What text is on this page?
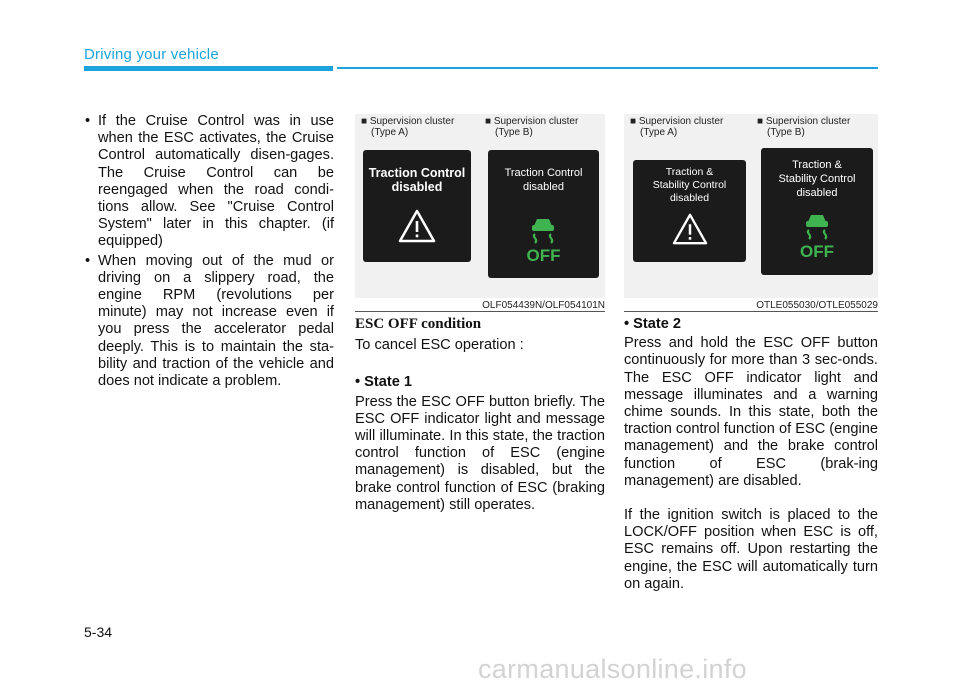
Driving your vehicle
• If the Cruise Control was in use when the ESC activates, the Cruise Control automatically disen-gages. The Cruise Control can be reengaged when the road condi-tions allow. See "Cruise Control System" later in this chapter. (if equipped)

• When moving out of the mud or driving on a slippery road, the engine RPM (revolutions per minute) may not increase even if you press the accelerator pedal deeply. This is to maintain the sta-bility and traction of the vehicle and does not indicate a problem.

■ Supervision cluster
(Type A)
■ Supervision cluster
(Type B)
Traction Control
disabled
Traction Control
disabled
OFF
OLF054439N/OLF054101N
■ Supervision cluster
(Type A)
■ Supervision cluster
(Type B)
Traction &
Stability Control
disabled
Traction &
Stability Control
disabled
OFF
OTLE055030/OTLE055029

ESC OFF condition

To cancel ESC operation :

• State 1

Press the ESC OFF button briefly. The ESC OFF indicator light and message will illuminate. In this state, the traction control function of ESC (engine management) is disabled, but the brake control function of ESC (braking management) still operates.

• State 2

Press and hold the ESC OFF button continuously for more than 3 sec-onds. The ESC OFF indicator light and message illuminates and a warning chime sounds. In this state, both the traction control function of ESC (engine management) and the brake control function of ESC (brak-ing management) are disabled.

If the ignition switch is placed to the LOCK/OFF position when ESC is off, ESC remains off. Upon restarting the engine, the ESC will automatically turn on again.

5-34
carmanualsonline.info
